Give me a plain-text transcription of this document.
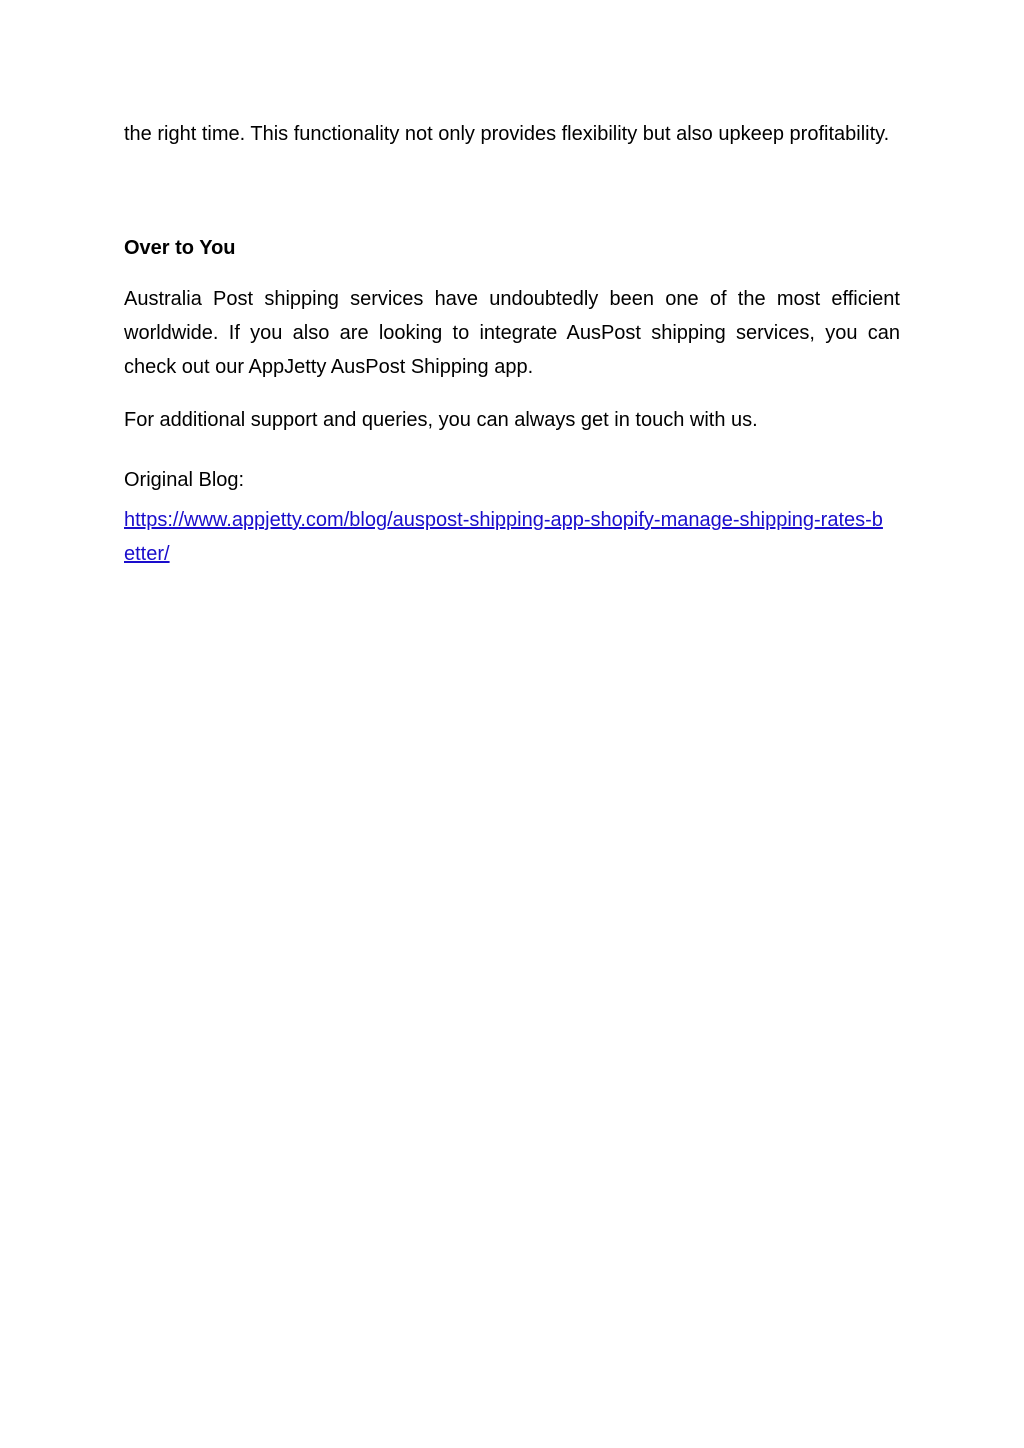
the right time. This functionality not only provides flexibility but also upkeep profitability.

Over to You

Australia Post shipping services have undoubtedly been one of the most efficient worldwide. If you also are looking to integrate AusPost shipping services, you can check out our AppJetty AusPost Shipping app.

For additional support and queries, you can always get in touch with us.

Original Blog:

https://www.appjetty.com/blog/auspost-shipping-app-shopify-manage-shipping-rates-better/
